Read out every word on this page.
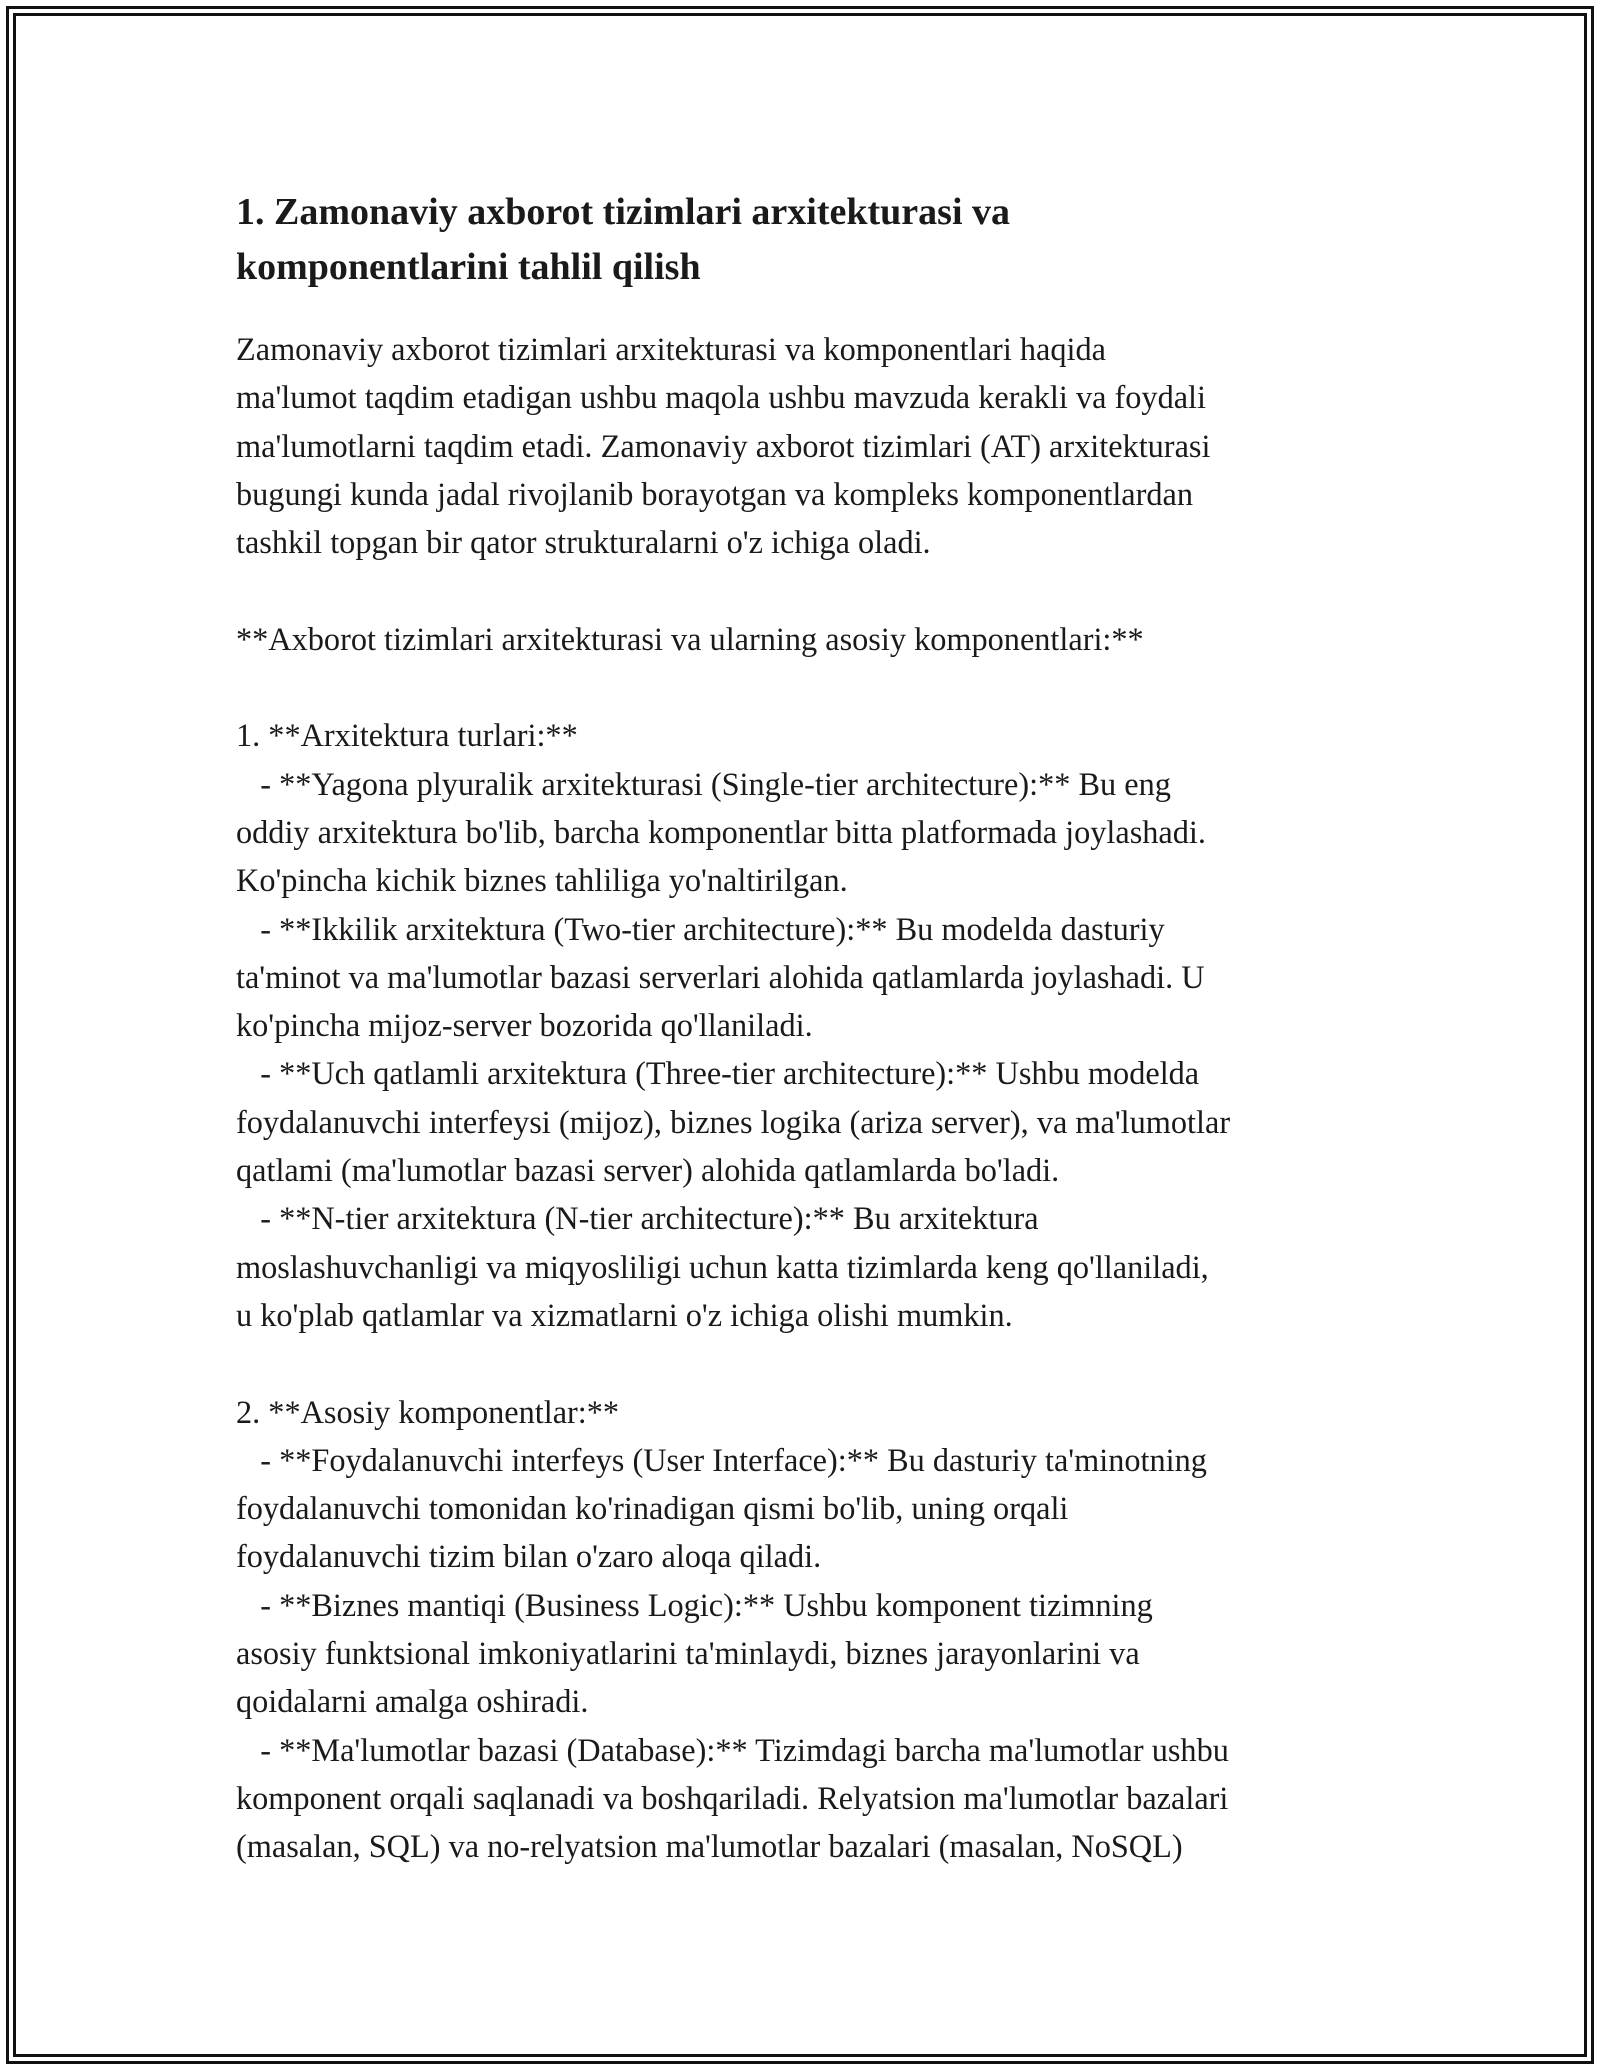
1. Zamonaviy axborot tizimlari arxitekturasi va
komponentlarini tahlil qilish

Zamonaviy axborot tizimlari arxitekturasi va komponentlari haqida
ma'lumot taqdim etadigan ushbu maqola ushbu mavzuda kerakli va foydali
ma'lumotlarni taqdim etadi. Zamonaviy axborot tizimlari (AT) arxitekturasi
bugungi kunda jadal rivojlanib borayotgan va kompleks komponentlardan
tashkil topgan bir qator strukturalarni o'z ichiga oladi.

**Axborot tizimlari arxitekturasi va ularning asosiy komponentlari:**

1. **Arxitektura turlari:**
- **Yagona plyuralik arxitekturasi (Single-tier architecture):** Bu eng
oddiy arxitektura bo'lib, barcha komponentlar bitta platformada joylashadi.
Ko'pincha kichik biznes tahliliga yo'naltirilgan.
- **Ikkilik arxitektura (Two-tier architecture):** Bu modelda dasturiy
ta'minot va ma'lumotlar bazasi serverlari alohida qatlamlarda joylashadi. U
ko'pincha mijoz-server bozorida qo'llaniladi.
- **Uch qatlamli arxitektura (Three-tier architecture):** Ushbu modelda
foydalanuvchi interfeysi (mijoz), biznes logika (ariza server), va ma'lumotlar
qatlami (ma'lumotlar bazasi server) alohida qatlamlarda bo'ladi.
- **N-tier arxitektura (N-tier architecture):** Bu arxitektura
moslashuvchanligi va miqyosliligi uchun katta tizimlarda keng qo'llaniladi,
u ko'plab qatlamlar va xizmatlarni o'z ichiga olishi mumkin.

2. **Asosiy komponentlar:**
- **Foydalanuvchi interfeys (User Interface):** Bu dasturiy ta'minotning
foydalanuvchi tomonidan ko'rinadigan qismi bo'lib, uning orqali
foydalanuvchi tizim bilan o'zaro aloqa qiladi.
- **Biznes mantiqi (Business Logic):** Ushbu komponent tizimning
asosiy funktsional imkoniyatlarini ta'minlaydi, biznes jarayonlarini va
qoidalarni amalga oshiradi.
- **Ma'lumotlar bazasi (Database):** Tizimdagi barcha ma'lumotlar ushbu
komponent orqali saqlanadi va boshqariladi. Relyatsion ma'lumotlar bazalari
(masalan, SQL) va no-relyatsion ma'lumotlar bazalari (masalan, NoSQL)
